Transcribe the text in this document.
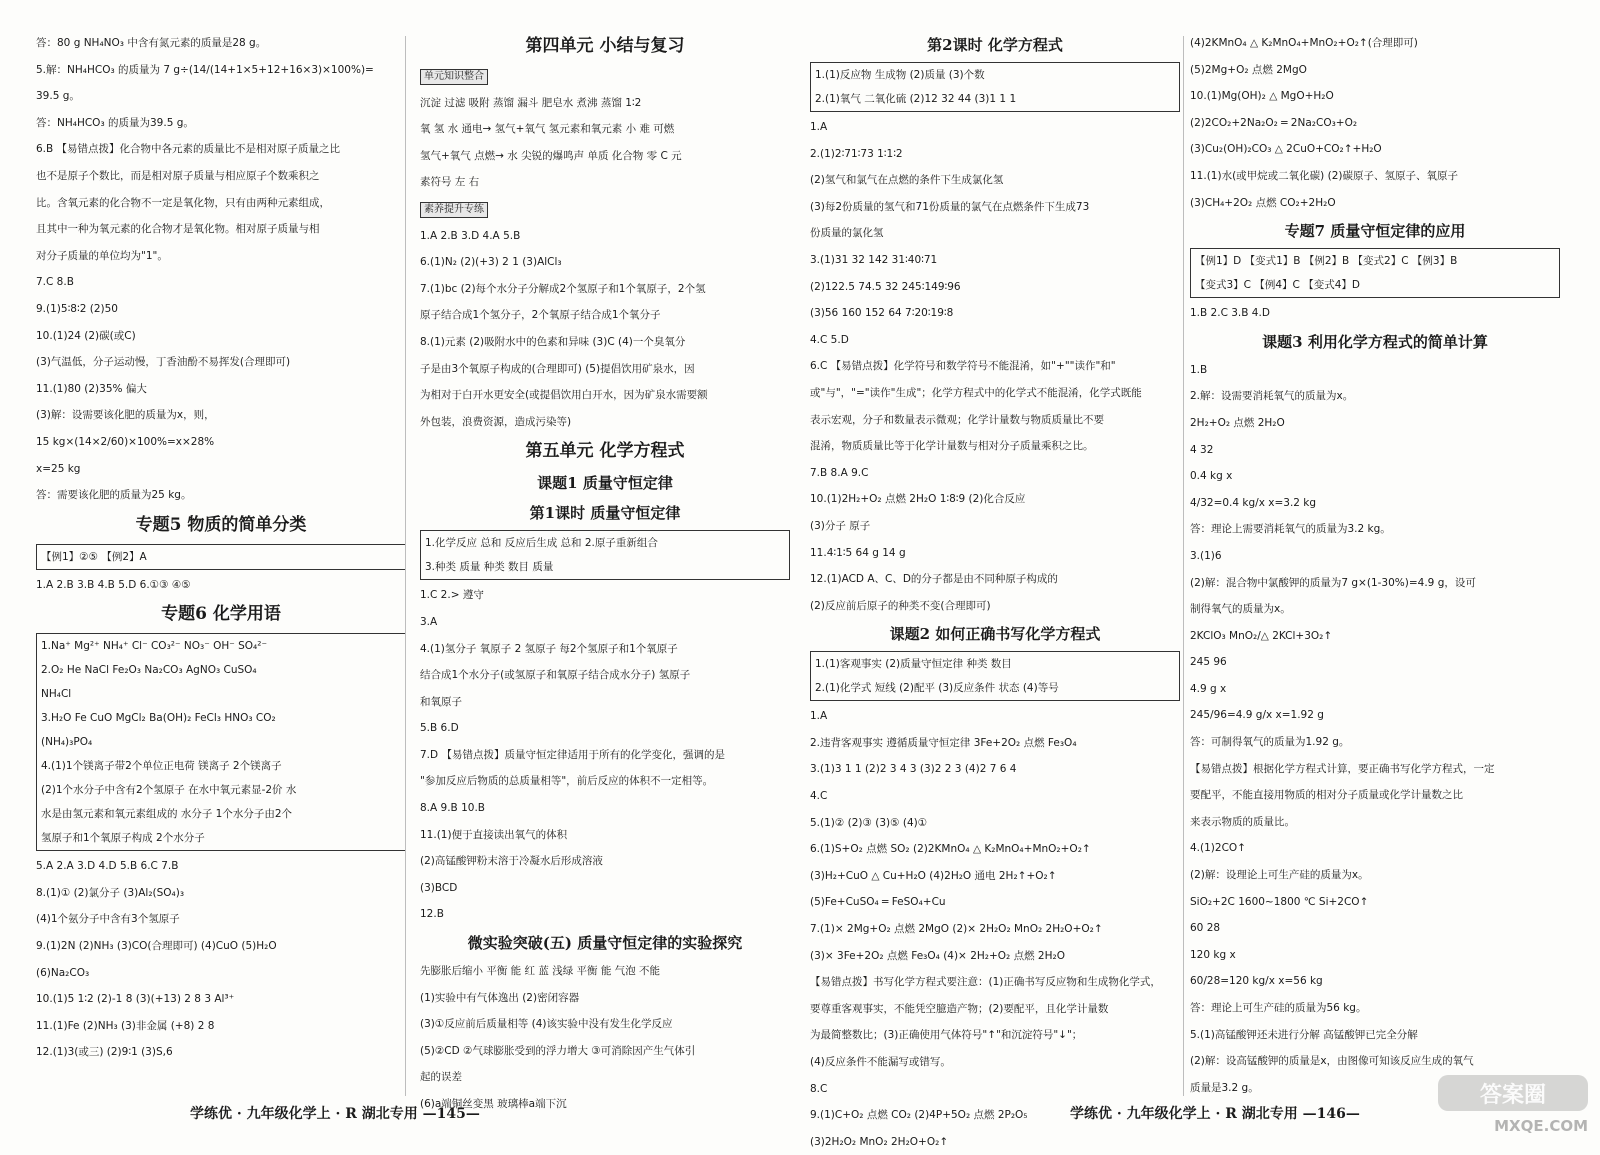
答：80 g NH₄NO₃ 中含有氮元素的质量是28 g。
5.解：NH₄HCO₃ 的质量为 7 g÷(14/(14+1×5+12+16×3)×100%)=
39.5 g。
答：NH₄HCO₃ 的质量为39.5 g。
6.B 【易错点拨】化合物中各元素的质量比不是相对原子质量之比
也不是原子个数比，而是相对原子质量与相应原子个数乘积之
比。含氧元素的化合物不一定是氧化物，只有由两种元素组成，
且其中一种为氧元素的化合物才是氧化物。相对原子质量与相
对分子质量的单位均为"1"。
7.C 8.B
9.(1)5∶8∶2 (2)50
10.(1)24 (2)碳(或C)
(3)气温低，分子运动慢，丁香油酚不易挥发(合理即可)
11.(1)80 (2)35% 偏大
(3)解：设需要该化肥的质量为x，则，
15 kg×(14×2/60)×100%=x×28%
x=25 kg
答：需要该化肥的质量为25 kg。
专题5 物质的简单分类
【例1】②⑤ 【例2】A
1.A 2.B 3.B 4.B 5.D 6.①③ ④⑤
专题6 化学用语
1.Na⁺ Mg²⁺ NH₄⁺ Cl⁻ CO₃²⁻ NO₃⁻ OH⁻ SO₄²⁻
2.O₂ He NaCl Fe₂O₃ Na₂CO₃ AgNO₃ CuSO₄
NH₄Cl
3.H₂O Fe CuO MgCl₂ Ba(OH)₂ FeCl₃ HNO₃ CO₂
(NH₄)₃PO₄
4.(1)1个镁离子带2个单位正电荷 镁离子 2个镁离子
(2)1个水分子中含有2个氢原子 在水中氧元素显-2价 水
水是由氢元素和氧元素组成的 水分子 1个水分子由2个
氢原子和1个氧原子构成 2个水分子
5.A 2.A 3.D 4.D 5.B 6.C 7.B
8.(1)① (2)氯分子 (3)Al₂(SO₄)₃
(4)1个氨分子中含有3个氢原子
9.(1)2N (2)NH₃ (3)CO(合理即可) (4)CuO (5)H₂O
(6)Na₂CO₃
10.(1)5 1∶2 (2)-1 8 (3)(+13) 2 8 3 Al³⁺
11.(1)Fe (2)NH₃ (3)非金属 (+8) 2 8
12.(1)3(或三) (2)9∶1 (3)S,6
第四单元 小结与复习
单元知识整合
沉淀 过滤 吸附 蒸馏 漏斗 肥皂水 煮沸 蒸馏 1∶2
氧 氢 水 通电→ 氢气+氧气 氢元素和氧元素 小 难 可燃
氢气+氧气 点燃→ 水 尖锐的爆鸣声 单质 化合物 零 C 元
素符号 左 右
素养提升专练
1.A 2.B 3.D 4.A 5.B
6.(1)N₂ (2)(+3) 2 1 (3)AlCl₃
7.(1)bc (2)每个水分子分解成2个氢原子和1个氧原子，2个氢
原子结合成1个氢分子，2个氧原子结合成1个氧分子
8.(1)元素 (2)吸附水中的色素和异味 (3)C (4)一个臭氧分
子是由3个氧原子构成的(合理即可) (5)提倡饮用矿泉水，因
为相对于白开水更安全(或提倡饮用白开水，因为矿泉水需要额
外包装，浪费资源，造成污染等)
第五单元 化学方程式
课题1 质量守恒定律
第1课时 质量守恒定律
1.化学反应 总和 反应后生成 总和 2.原子重新组合
3.种类 质量 种类 数目 质量
1.C 2.> 遵守
3.A
4.(1)氢分子 氧原子 2 氢原子 每2个氢原子和1个氧原子
结合成1个水分子(或氢原子和氧原子结合成水分子) 氢原子
和氧原子
5.B 6.D
7.D 【易错点拨】质量守恒定律适用于所有的化学变化，强调的是
"参加反应后物质的总质量相等"，前后反应的体积不一定相等。
8.A 9.B 10.B
11.(1)便于直接读出氧气的体积
(2)高锰酸钾粉末溶于冷凝水后形成溶液
(3)BCD
12.B
微实验突破(五) 质量守恒定律的实验探究
先膨胀后缩小 平衡 能 红 蓝 浅绿 平衡 能 气泡 不能
(1)实验中有气体逸出 (2)密闭容器
(3)①反应前后质量相等 (4)该实验中没有发生化学反应
(5)②CD ②气球膨胀受到的浮力增大 ③可消除因产生气体引
起的误差
(6)a端铜丝变黑 玻璃棒a端下沉
学练优 · 九年级化学上 · R 湖北专用 —145—
第2课时 化学方程式
1.(1)反应物 生成物 (2)质量 (3)个数
2.(1)氧气 二氧化硫 (2)12 32 44 (3)1 1 1
1.A
2.(1)2∶71∶73 1∶1∶2
(2)氢气和氯气在点燃的条件下生成氯化氢
(3)每2份质量的氢气和71份质量的氯气在点燃条件下生成73
份质量的氯化氢
3.(1)31 32 142 31∶40∶71
(2)122.5 74.5 32 245∶149∶96
(3)56 160 152 64 7∶20∶19∶8
4.C 5.D
6.C 【易错点拨】化学符号和数学符号不能混淆，如"+""读作"和"
或"与"，"="读作"生成"；化学方程式中的化学式不能混淆，化学式既能
表示宏观，分子和数量表示微观；化学计量数与物质质量比不要
混淆，物质质量比等于化学计量数与相对分子质量乘积之比。
7.B 8.A 9.C
10.(1)2H₂+O₂ 点燃 2H₂O 1∶8∶9 (2)化合反应
(3)分子 原子
11.4∶1∶5 64 g 14 g
12.(1)ACD A、C、D的分子都是由不同种原子构成的
(2)反应前后原子的种类不变(合理即可)
课题2 如何正确书写化学方程式
1.(1)客观事实 (2)质量守恒定律 种类 数目
2.(1)化学式 短线 (2)配平 (3)反应条件 状态 (4)等号
1.A
2.违背客观事实 遵循质量守恒定律 3Fe+2O₂ 点燃 Fe₃O₄
3.(1)3 1 1 (2)2 3 4 3 (3)2 2 3 (4)2 7 6 4
4.C
5.(1)② (2)③ (3)⑤ (4)①
6.(1)S+O₂ 点燃 SO₂ (2)2KMnO₄ △ K₂MnO₄+MnO₂+O₂↑
(3)H₂+CuO △ Cu+H₂O (4)2H₂O 通电 2H₂↑+O₂↑
(5)Fe+CuSO₄ ═ FeSO₄+Cu
7.(1)× 2Mg+O₂ 点燃 2MgO (2)× 2H₂O₂ MnO₂ 2H₂O+O₂↑
(3)× 3Fe+2O₂ 点燃 Fe₃O₄ (4)× 2H₂+O₂ 点燃 2H₂O
【易错点拨】书写化学方程式要注意：(1)正确书写反应物和生成物化学式，
要尊重客观事实，不能凭空臆造产物；(2)要配平，且化学计量数
为最简整数比；(3)正确使用气体符号"↑"和沉淀符号"↓"；
(4)反应条件不能漏写或错写。
8.C
9.(1)C+O₂ 点燃 CO₂ (2)4P+5O₂ 点燃 2P₂O₅
(3)2H₂O₂ MnO₂ 2H₂O+O₂↑
(4)2KMnO₄ △ K₂MnO₄+MnO₂+O₂↑(合理即可)
(5)2Mg+O₂ 点燃 2MgO
10.(1)Mg(OH)₂ △ MgO+H₂O
(2)2CO₂+2Na₂O₂ ═ 2Na₂CO₃+O₂
(3)Cu₂(OH)₂CO₃ △ 2CuO+CO₂↑+H₂O
11.(1)水(或甲烷或二氧化碳) (2)碳原子、氢原子、氧原子
(3)CH₄+2O₂ 点燃 CO₂+2H₂O
专题7 质量守恒定律的应用
【例1】D 【变式1】B 【例2】B 【变式2】C 【例3】B
【变式3】C 【例4】C 【变式4】D
1.B 2.C 3.B 4.D
课题3 利用化学方程式的简单计算
1.B
2.解：设需要消耗氧气的质量为x。
2H₂+O₂ 点燃 2H₂O
4 32
0.4 kg x
4/32=0.4 kg/x x=3.2 kg
答：理论上需要消耗氧气的质量为3.2 kg。
3.(1)6
(2)解：混合物中氯酸钾的质量为7 g×(1-30%)=4.9 g，设可
制得氧气的质量为x。
2KClO₃ MnO₂/△ 2KCl+3O₂↑
245 96
4.9 g x
245/96=4.9 g/x x=1.92 g
答：可制得氧气的质量为1.92 g。
【易错点拨】根据化学方程式计算，要正确书写化学方程式，一定
要配平，不能直接用物质的相对分子质量或化学计量数之比
来表示物质的质量比。
4.(1)2CO↑
(2)解：设理论上可生产硅的质量为x。
SiO₂+2C 1600~1800 ℃ Si+2CO↑
60 28
120 kg x
60/28=120 kg/x x=56 kg
答：理论上可生产硅的质量为56 kg。
5.(1)高锰酸钾还未进行分解 高锰酸钾已完全分解
(2)解：设高锰酸钾的质量是x，由图像可知该反应生成的氧气
质量是3.2 g。
学练优 · 九年级化学上 · R 湖北专用 —146—
答案圈
MXQE.COM
